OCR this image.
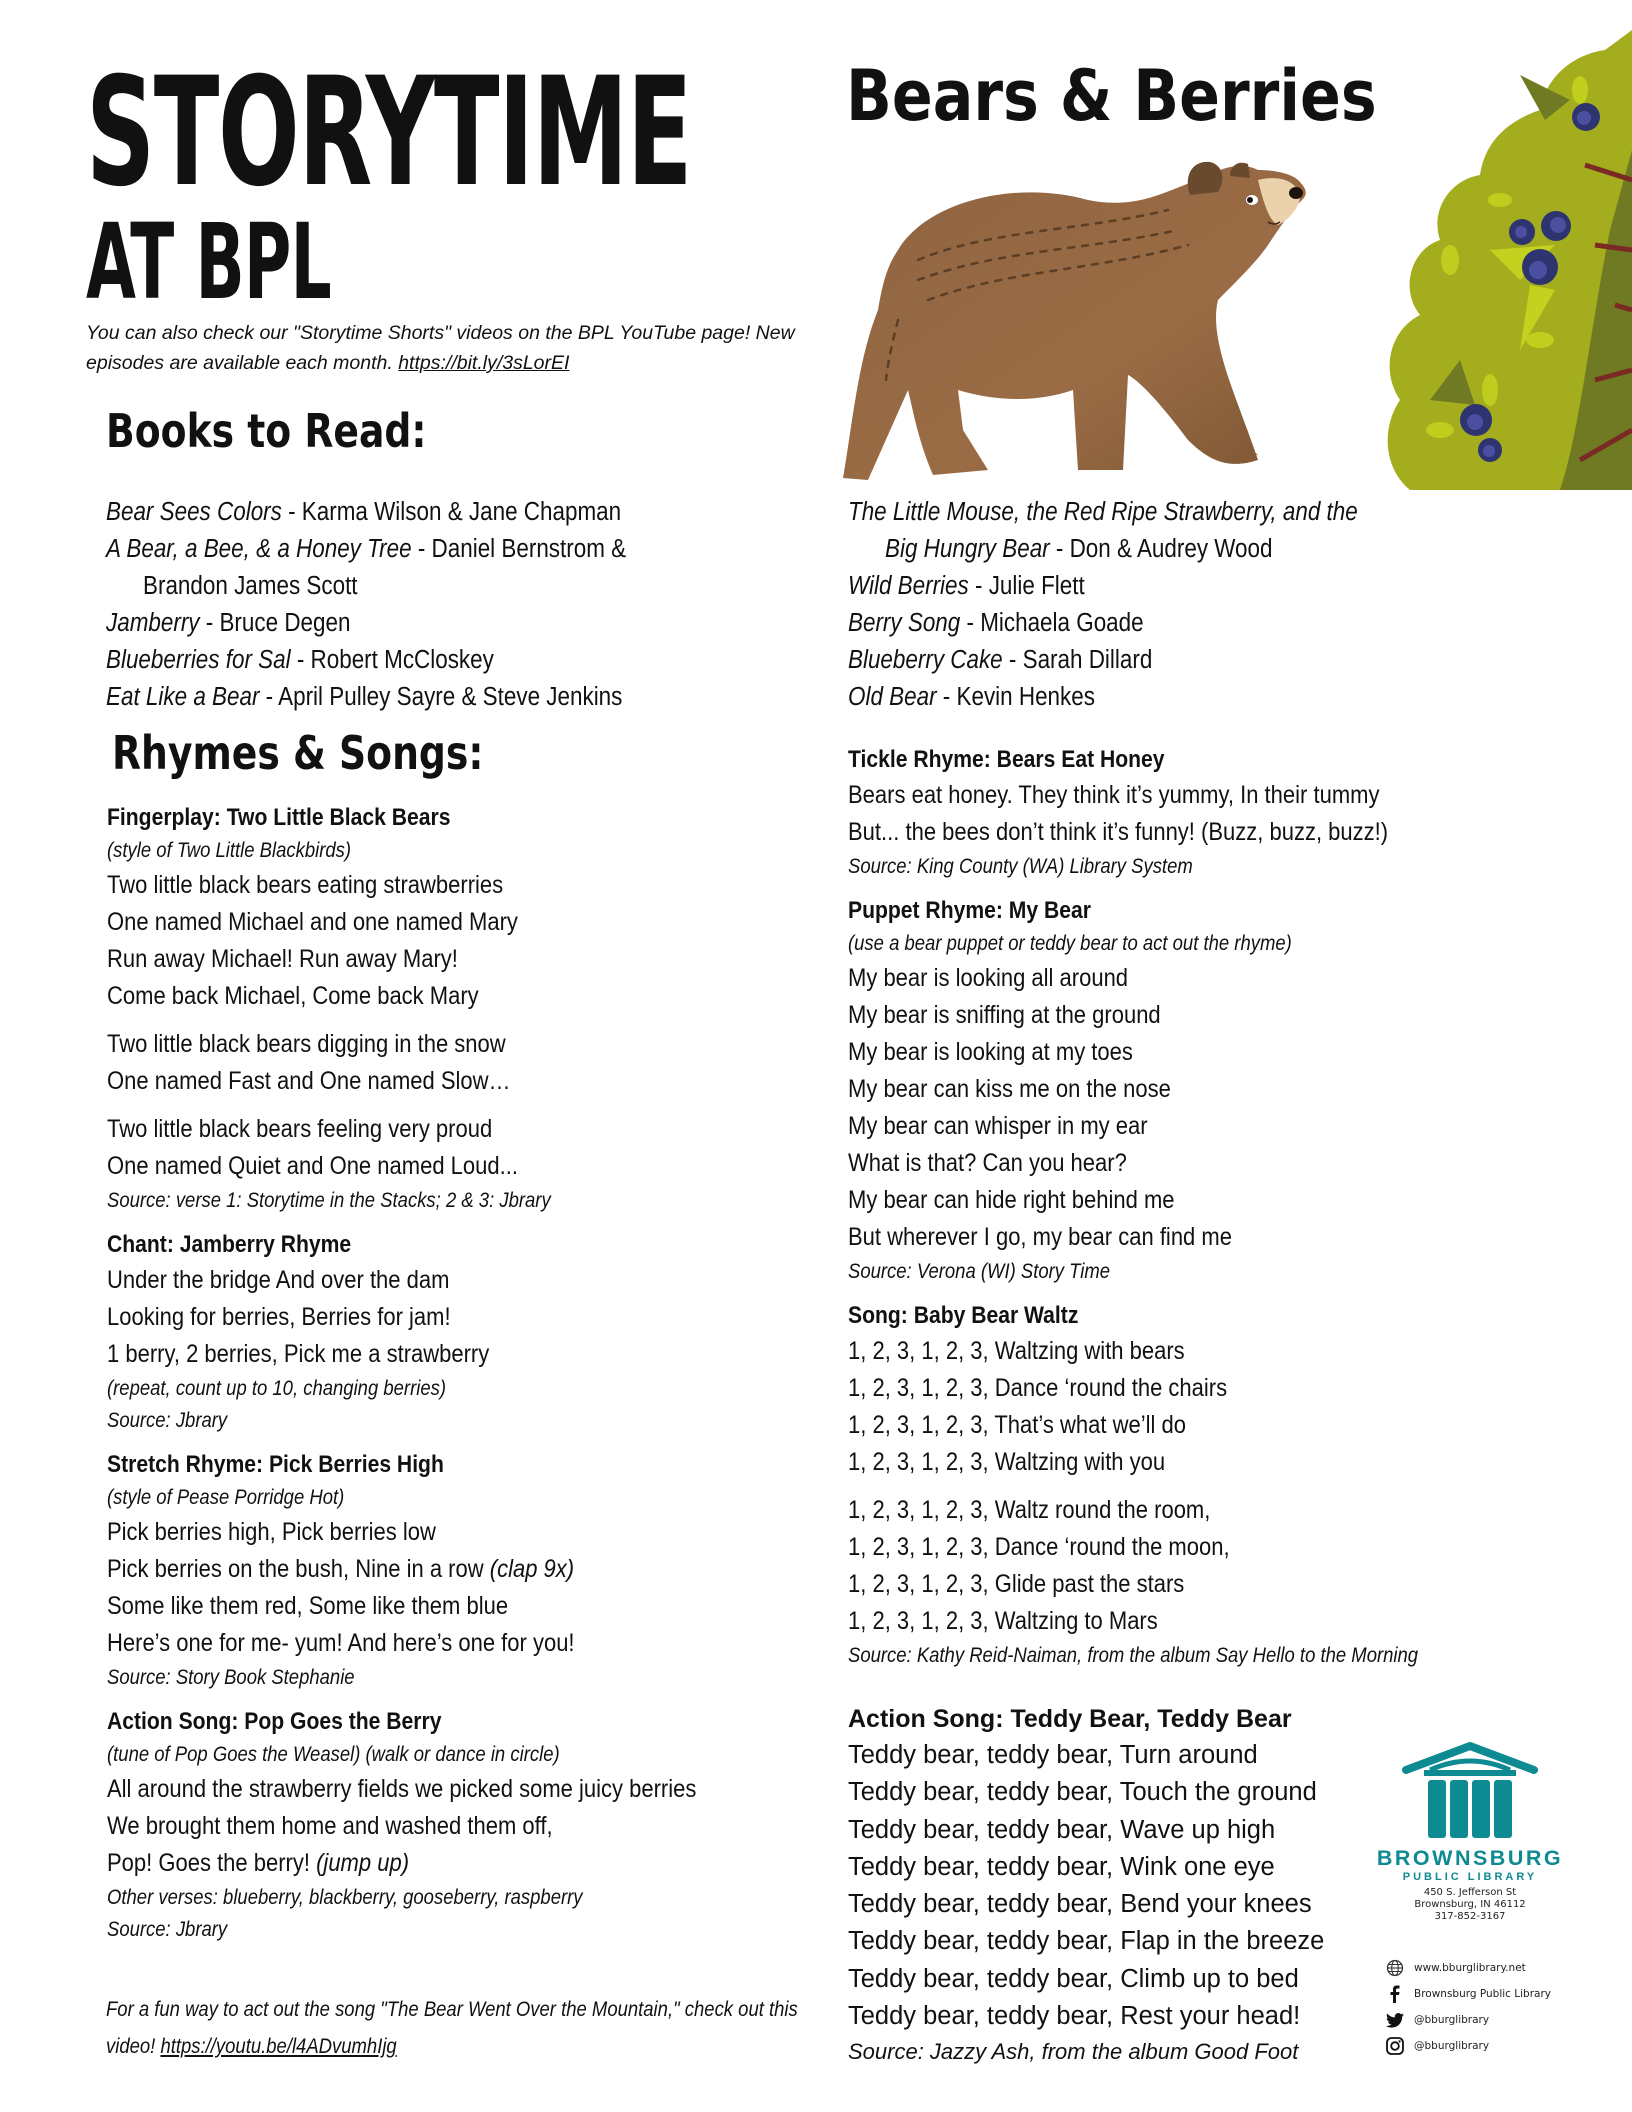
STORYTIME
AT BPL
You can also check our "Storytime Shorts" videos on the BPL YouTube page! New episodes are available each month. https://bit.ly/3sLorEI
Bears & Berries
Books to Read:
Bear Sees Colors - Karma Wilson & Jane Chapman
A Bear, a Bee, & a Honey Tree - Daniel Bernstrom &
Brandon James Scott
Jamberry - Bruce Degen
Blueberries for Sal - Robert McCloskey
Eat Like a Bear - April Pulley Sayre & Steve Jenkins
The Little Mouse, the Red Ripe Strawberry, and the
Big Hungry Bear - Don & Audrey Wood
Wild Berries - Julie Flett
Berry Song - Michaela Goade
Blueberry Cake - Sarah Dillard
Old Bear - Kevin Henkes
Rhymes & Songs:
Fingerplay: Two Little Black Bears
(style of Two Little Blackbirds)
Two little black bears eating strawberries
One named Michael and one named Mary
Run away Michael! Run away Mary!
Come back Michael, Come back Mary
Two little black bears digging in the snow
One named Fast and One named Slow…
Two little black bears feeling very proud
One named Quiet and One named Loud...
Source: verse 1: Storytime in the Stacks; 2 & 3: Jbrary
Chant: Jamberry Rhyme
Under the bridge And over the dam
Looking for berries, Berries for jam!
1 berry, 2 berries, Pick me a strawberry
(repeat, count up to 10, changing berries)
Source: Jbrary
Stretch Rhyme: Pick Berries High
(style of Pease Porridge Hot)
Pick berries high, Pick berries low
Pick berries on the bush, Nine in a row (clap 9x)
Some like them red, Some like them blue
Here’s one for me- yum! And here’s one for you!
Source: Story Book Stephanie
Action Song: Pop Goes the Berry
(tune of Pop Goes the Weasel) (walk or dance in circle)
All around the strawberry fields we picked some juicy berries
We brought them home and washed them off,
Pop! Goes the berry! (jump up)
Other verses: blueberry, blackberry, gooseberry, raspberry
Source: Jbrary
For a fun way to act out the song "The Bear Went Over the Mountain," check out this video! https://youtu.be/l4ADvumhIjg
Tickle Rhyme: Bears Eat Honey
Bears eat honey. They think it’s yummy, In their tummy
But... the bees don’t think it’s funny! (Buzz, buzz, buzz!)
Source: King County (WA) Library System
Puppet Rhyme: My Bear
(use a bear puppet or teddy bear to act out the rhyme)
My bear is looking all around
My bear is sniffing at the ground
My bear is looking at my toes
My bear can kiss me on the nose
My bear can whisper in my ear
What is that? Can you hear?
My bear can hide right behind me
But wherever I go, my bear can find me
Source: Verona (WI) Story Time
Song: Baby Bear Waltz
1, 2, 3, 1, 2, 3, Waltzing with bears
1, 2, 3, 1, 2, 3, Dance ‘round the chairs
1, 2, 3, 1, 2, 3, That’s what we’ll do
1, 2, 3, 1, 2, 3, Waltzing with you
1, 2, 3, 1, 2, 3, Waltz round the room,
1, 2, 3, 1, 2, 3, Dance ‘round the moon,
1, 2, 3, 1, 2, 3, Glide past the stars
1, 2, 3, 1, 2, 3, Waltzing to Mars
Source: Kathy Reid-Naiman, from the album Say Hello to the Morning
Action Song: Teddy Bear, Teddy Bear
Teddy bear, teddy bear, Turn around
Teddy bear, teddy bear, Touch the ground
Teddy bear, teddy bear, Wave up high
Teddy bear, teddy bear, Wink one eye
Teddy bear, teddy bear, Bend your knees
Teddy bear, teddy bear, Flap in the breeze
Teddy bear, teddy bear, Climb up to bed
Teddy bear, teddy bear, Rest your head!
Source: Jazzy Ash, from the album Good Foot
BROWNSBURG
PUBLIC LIBRARY
450 S. Jefferson St
Brownsburg, IN 46112
317-852-3167
www.bburglibrary.net
Brownsburg Public Library
@bburglibrary
@bburglibrary
